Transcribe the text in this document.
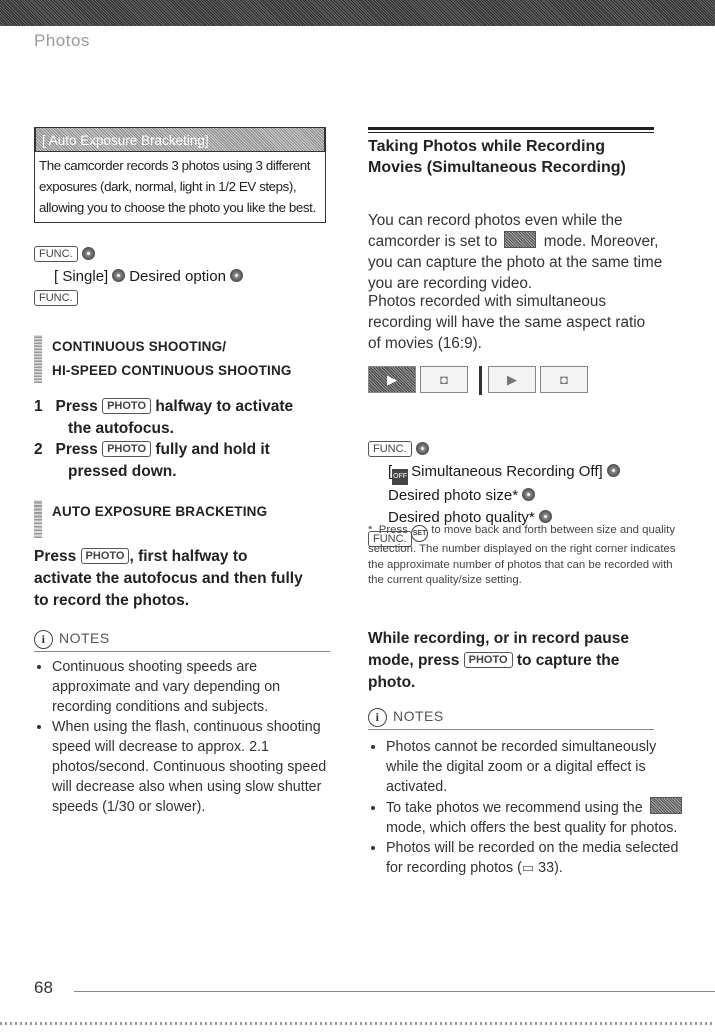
Photos
[ Auto Exposure Bracketing]
The camcorder records 3 photos using 3 different exposures (dark, normal, light in 1/2 EV steps), allowing you to choose the photo you like the best.
FUNC.
[ Single] Desired option
FUNC.
CONTINUOUS SHOOTING/
HI-SPEED CONTINUOUS SHOOTING
1 Press PHOTO halfway to activate
the autofocus.
2 Press PHOTO fully and hold it
pressed down.
AUTO EXPOSURE BRACKETING
Press PHOTO , first halfway to
activate the autofocus and then fully
to record the photos.
i NOTES
• Continuous shooting speeds are approximate and vary depending on recording conditions and subjects.
• When using the flash, continuous shooting speed will decrease to approx. 2.1 photos/second. Continuous shooting speed will decrease also when using slow shutter speeds (1/30 or slower).
Taking Photos while Recording Movies (Simultaneous Recording)
You can record photos even while the camcorder is set to	mode. Moreover, you can capture the photo at the same time you are recording video.
Photos recorded with simultaneous recording will have the same aspect ratio of movies (16:9).
▶	◘	▶	◘
FUNC.
[OFF Simultaneous Recording Off]
Desired photo size*
Desired photo quality*
FUNC.
* Press SET to move back and forth between size and quality selection. The number displayed on the right corner indicates the approximate number of photos that can be recorded with the current quality/size setting.
While recording, or in record pause mode, press PHOTO to capture the photo.
i NOTES
• Photos cannot be recorded simultaneously while the digital zoom or a digital effect is activated.
• To take photos we recommend using the  mode, which offers the best quality for photos.
• Photos will be recorded on the media selected for recording photos (▭ 33).
68
